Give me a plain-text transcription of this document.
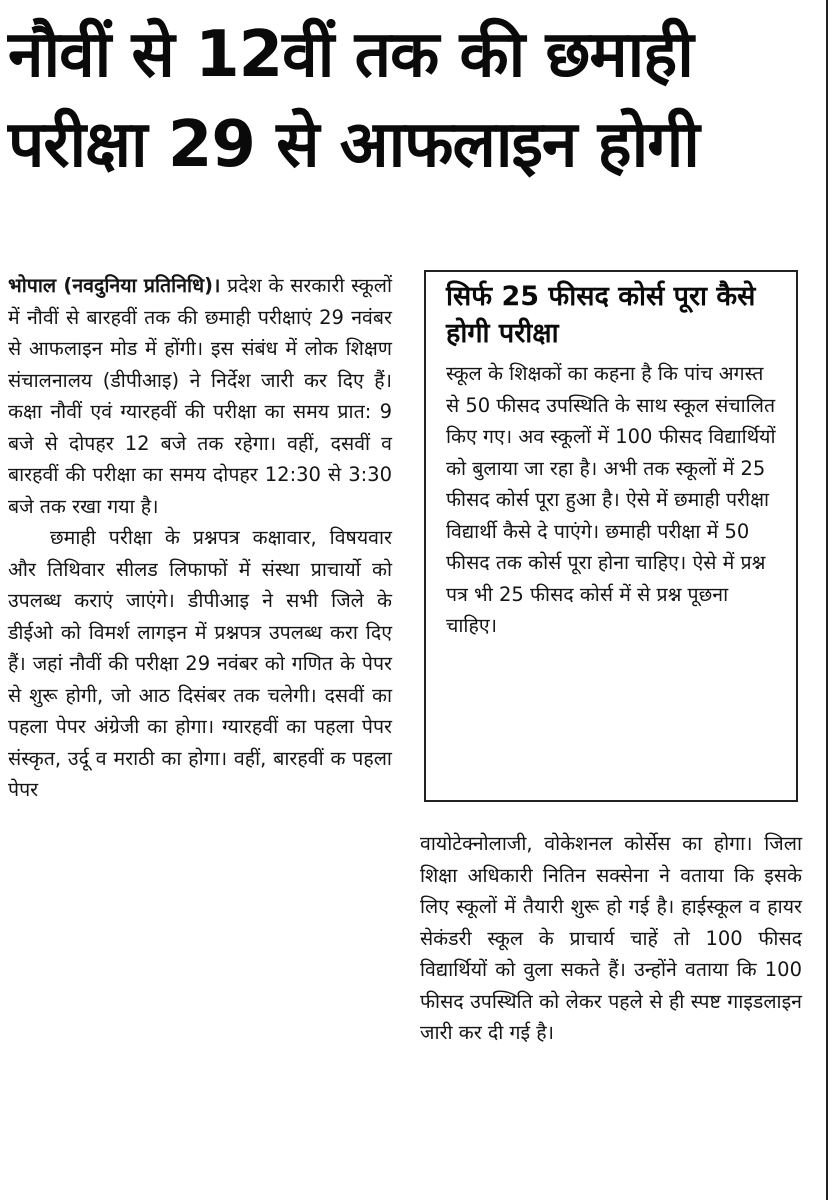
नौवीं से 12वीं तक की छमाही
परीक्षा 29 से आफलाइन होगी

भोपाल (नवदुनिया प्रतिनिधि)। प्रदेश के सरकारी स्कूलों में नौवीं से बारहवीं तक की छमाही परीक्षाएं 29 नवंबर से आफलाइन मोड में होंगी। इस संबंध में लोक शिक्षण संचालनालय (डीपीआइ) ने निर्देश जारी कर दिए हैं। कक्षा नौवीं एवं ग्यारहवीं की परीक्षा का समय प्रात: 9 बजे से दोपहर 12 बजे तक रहेगा। वहीं, दसवीं व बारहवीं की परीक्षा का समय दोपहर 12:30 से 3:30 बजे तक रखा गया है।

छमाही परीक्षा के प्रश्नपत्र कक्षावार, विषयवार और तिथिवार सीलड लिफाफों में संस्था प्राचार्यो को उपलब्ध कराएं जाएंगे। डीपीआइ ने सभी जिले के डीईओ को विमर्श लागइन में प्रश्नपत्र उपलब्ध करा दिए हैं। जहां नौवीं की परीक्षा 29 नवंबर को गणित के पेपर से शुरू होगी, जो आठ दिसंबर तक चलेगी। दसवीं का पहला पेपर अंग्रेजी का होगा। ग्यारहवीं का पहला पेपर संस्कृत, उर्दू व मराठी का होगा। वहीं, बारहवीं क पहला पेपर

सिर्फ 25 फीसद कोर्स पूरा कैसे होगी परीक्षा

स्कूल के शिक्षकों का कहना है कि पांच अगस्त से 50 फीसद उपस्थिति के साथ स्कूल संचालित किए गए। अव स्कूलों में 100 फीसद विद्यार्थियों को बुलाया जा रहा है। अभी तक स्कूलों में 25 फीसद कोर्स पूरा हुआ है। ऐसे में छमाही परीक्षा विद्यार्थी कैसे दे पाएंगे। छमाही परीक्षा में 50 फीसद तक कोर्स पूरा होना चाहिए। ऐसे में प्रश्न पत्र भी 25 फीसद कोर्स में से प्रश्न पूछना चाहिए।

वायोटेक्नोलाजी, वोकेशनल कोर्सेस का होगा। जिला शिक्षा अधिकारी नितिन सक्सेना ने वताया कि इसके लिए स्कूलों में तैयारी शुरू हो गई है। हाईस्कूल व हायर सेकंडरी स्कूल के प्राचार्य चाहें तो 100 फीसद विद्यार्थियों को वुला सकते हैं। उन्होंने वताया कि 100 फीसद उपस्थिति को लेकर पहले से ही स्पष्ट गाइडलाइन जारी कर दी गई है।
